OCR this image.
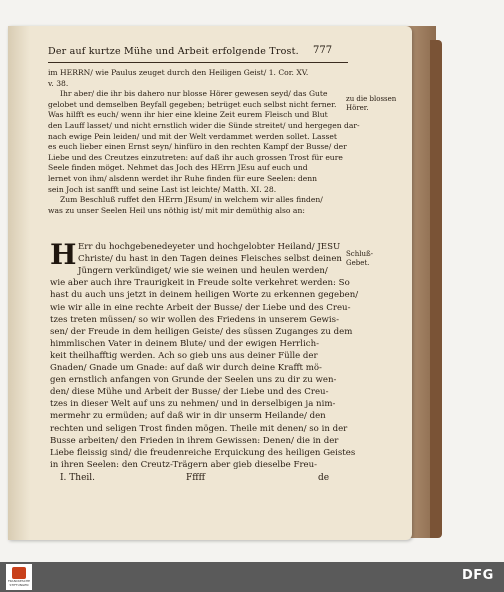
Der auf kurtze Mühe und Arbeit erfolgende Trost. 777
im HERRN/ wie Paulus zeuget durch den Heiligen Geist/ 1. Cor. XV.
v. 38.
Ihr aber/ die ihr bis dahero nur blosse Hörer gewesen seyd/ das Gute
gelobet und demselben Beyfall gegeben; betrüget euch selbst nicht ferner.
Was hilfft es euch/ wenn ihr hier eine kleine Zeit eurem Fleisch und Blut
den Lauff lasset/ und nicht ernstlich wider die Sünde streitet/ und hergegen dar-
nach ewige Pein leiden/ und mit der Welt verdammet werden sollet. Lasset
es euch lieber einen Ernst seyn/ hinfüro in den rechten Kampf der Busse/ der
Liebe und des Creutzes einzutreten: auf daß ihr auch grossen Trost für eure
Seele finden möget. Nehmet das Joch des HErrn JEsu auf euch und
lernet von ihm/ alsdenn werdet ihr Ruhe finden für eure Seelen: denn
sein Joch ist sanfft und seine Last ist leichte/ Matth. XI. 28.
Zum Beschluß ruffet den HErrn JEsum/ in welchem wir alles finden/
was zu unser Seelen Heil uns nöthig ist/ mit mir demüthig also an:
Err du hochgebenedeyeter und hochgelobter Heiland/ JESU
Christe/ du hast in den Tagen deines Fleisches selbst deinen
Jüngern verkündiget/ wie sie weinen und heulen werden/
wie aber auch ihre Traurigkeit in Freude solte verkehret werden: So
hast du auch uns jetzt in deinem heiligen Worte zu erkennen gegeben/
wie wir alle in eine rechte Arbeit der Busse/ der Liebe und des Creu-
tzes treten müssen/ so wir wollen des Friedens in unserem Gewis-
sen/ der Freude in dem heiligen Geiste/ des süssen Zuganges zu dem
himmlischen Vater in deinem Blute/ und der ewigen Herrlich-
keit theilhafftig werden. Ach so gieb uns aus deiner Fülle der
Gnaden/ Gnade um Gnade: auf daß wir durch deine Krafft mö-
gen ernstlich anfangen von Grunde der Seelen uns zu dir zu wen-
den/ diese Mühe und Arbeit der Busse/ der Liebe und des Creu-
tzes in dieser Welt auf uns zu nehmen/ und in derselbigen ja nim-
mermehr zu ermüden; auf daß wir in dir unserm Heilande/ den
rechten und seligen Trost finden mögen. Theile mit denen/ so in der
Busse arbeiten/ den Frieden in ihrem Gewissen: Denen/ die in der
Liebe fleissig sind/ die freudenreiche Erquickung des heiligen Geistes
in ihren Seelen: den Creutz-Trägern aber gieb dieselbe Freu-
zu die blossen
Hörer.
Schluß-
Gebet.
H
I. Theil.	Fffff	de
FRANCKESCHE
STIFTUNGEN
DFG
